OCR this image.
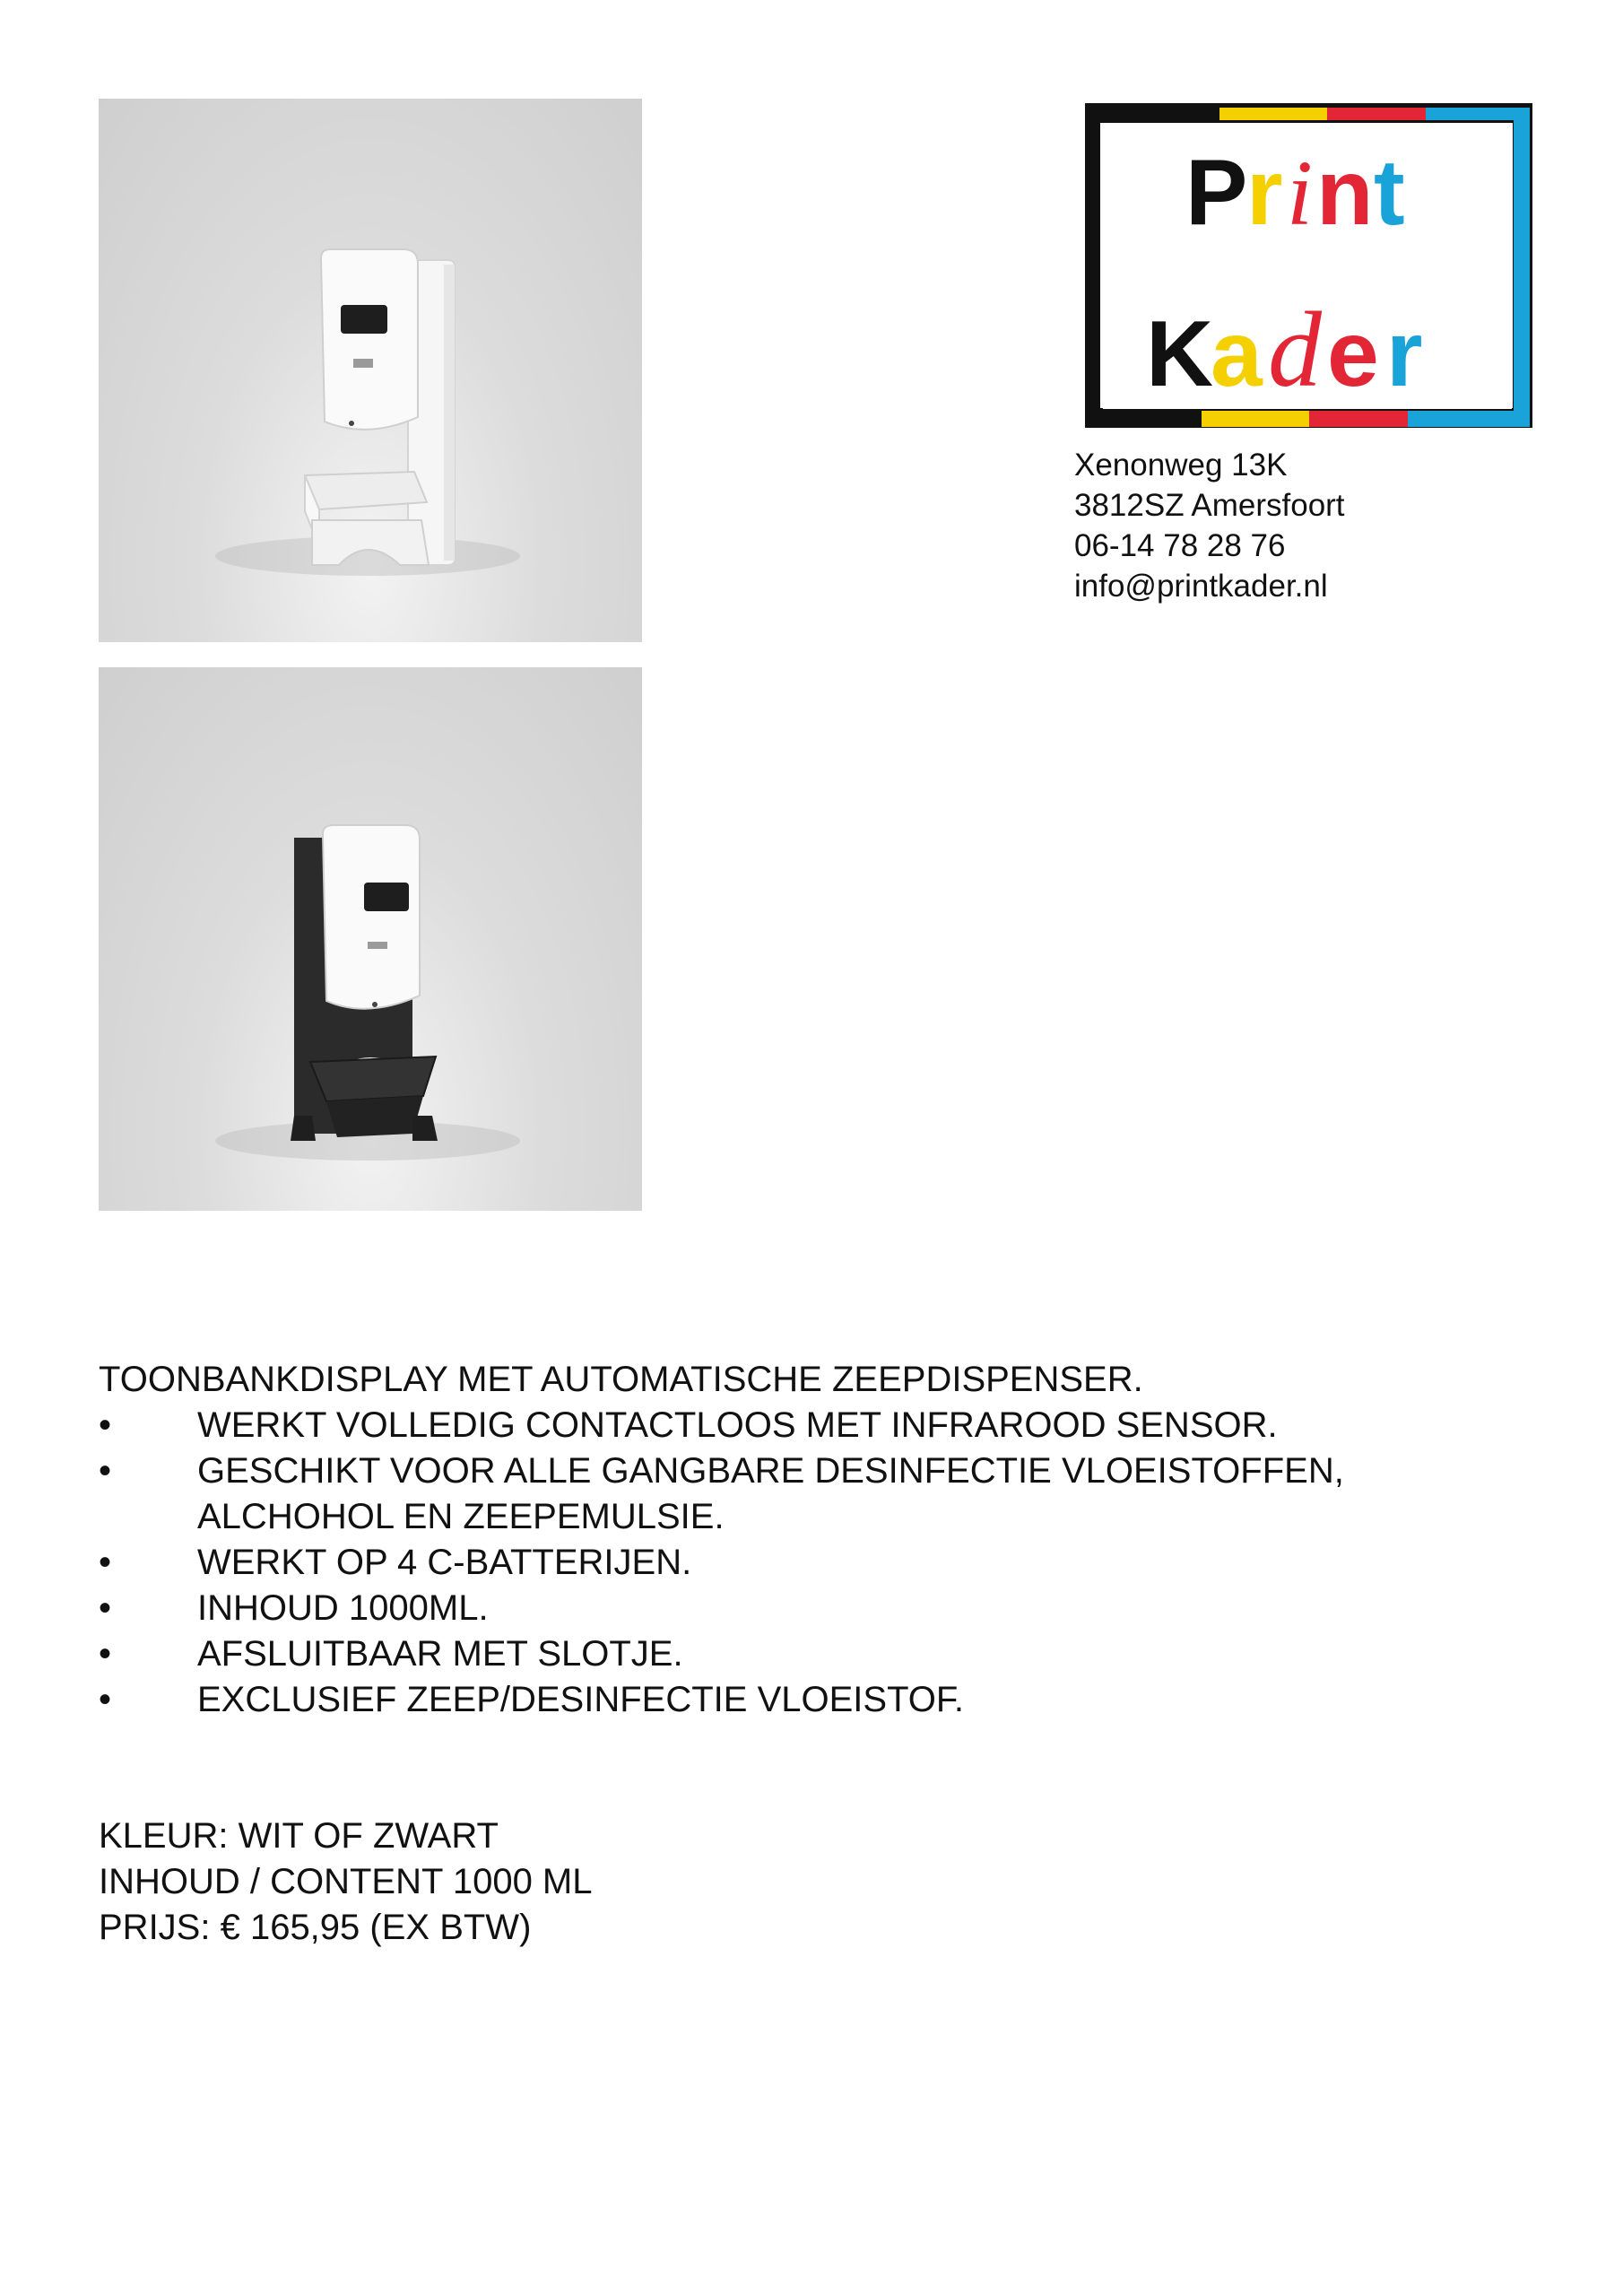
P
r i n t
K
a d e r
Xenonweg 13K
3812SZ Amersfoort
06-14 78 28 76
info@printkader.nl
TOONBANKDISPLAY MET AUTOMATISCHE ZEEPDISPENSER.
• WERKT VOLLEDIG CONTACTLOOS MET INFRAROOD SENSOR.
• GESCHIKT VOOR ALLE GANGBARE DESINFECTIE VLOEISTOFFEN, ALCHOHOL EN ZEEPEMULSIE.
• WERKT OP 4 C-BATTERIJEN.
• INHOUD 1000ML.
• AFSLUITBAAR MET SLOTJE.
• EXCLUSIEF ZEEP/DESINFECTIE VLOEISTOF.
KLEUR: WIT OF ZWART
INHOUD / CONTENT 1000 ML
PRIJS: € 165,95 (EX BTW)
